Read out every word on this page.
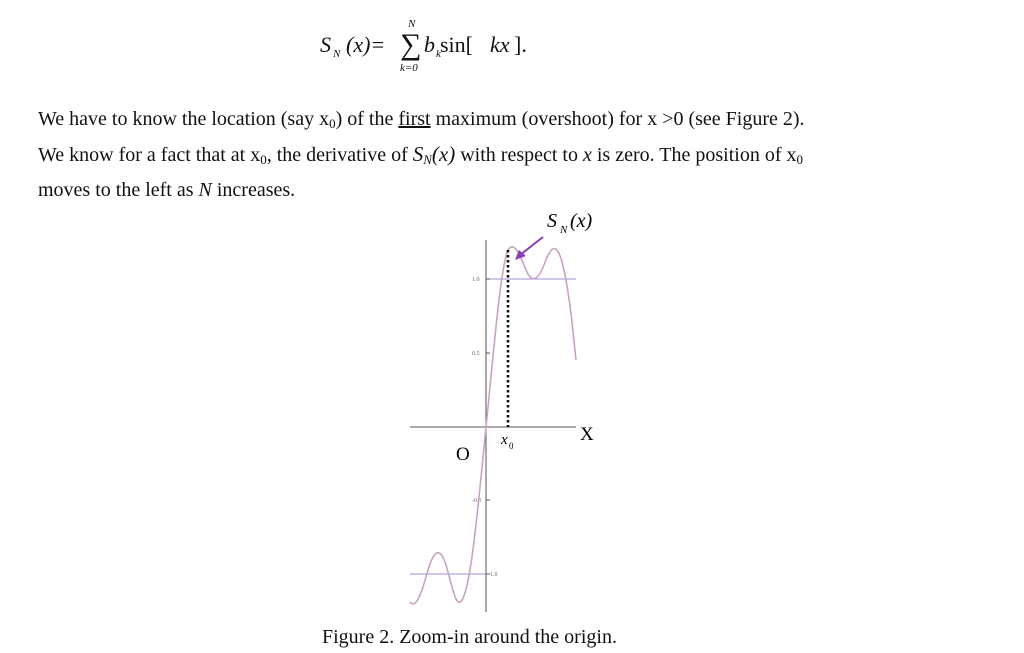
S N (x)=
N
∑
k=0
b k sin[ kx ].
We have to know the location (say $x_0$) of the first maximum (overshoot) for x >0 (see Figure 2).
We know for a fact that at $x_0$, the derivative of $S_N(x)$ with respect to x is zero. The position of $x_0$
moves to the left as N increases.
S N (x)
1.0
0.5
-0.5
-1.0
O
x 0
X
Figure 2. Zoom-in around the origin.
